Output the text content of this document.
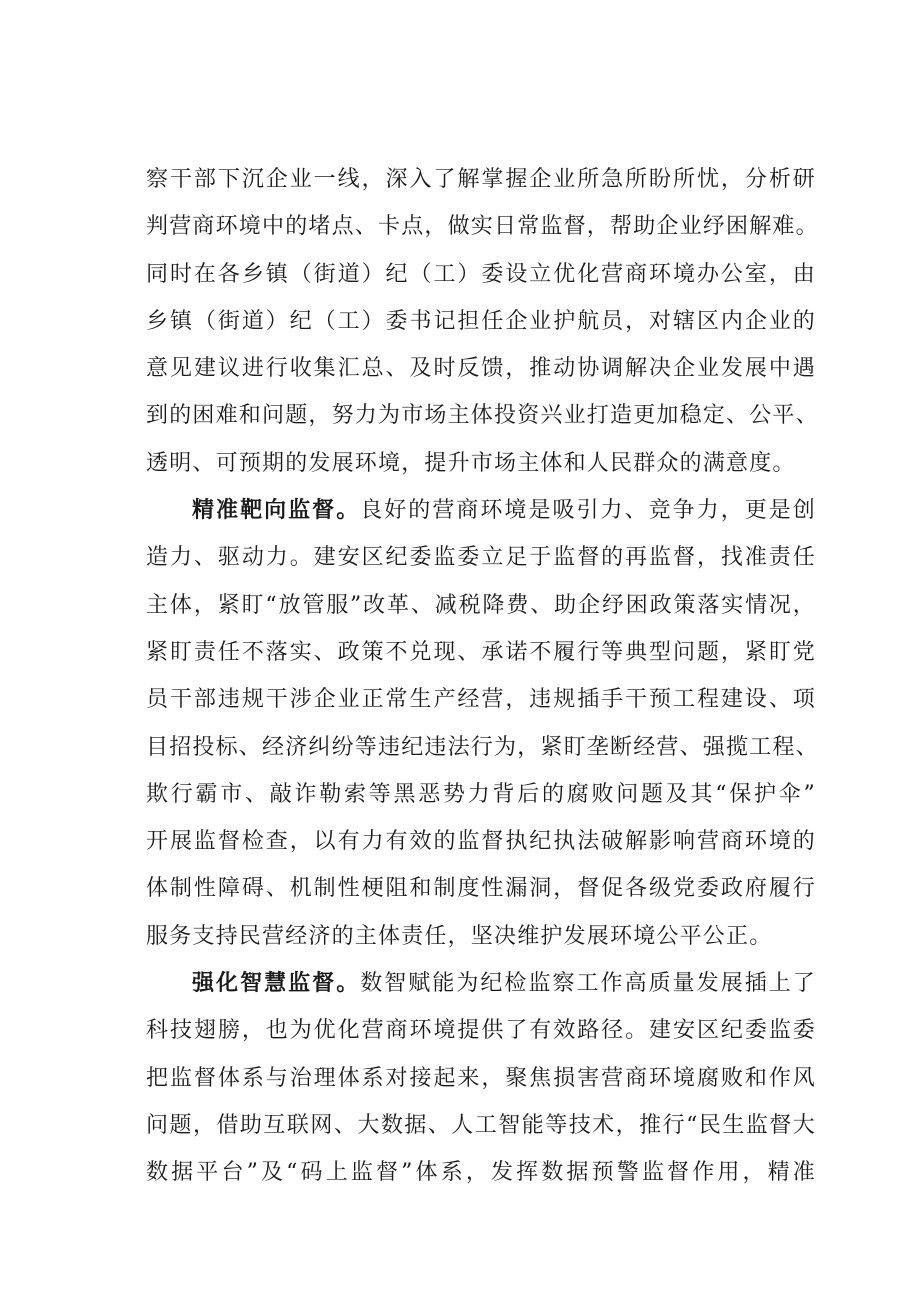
察干部下沉企业一线，深入了解掌握企业所急所盼所忧，分析研
判营商环境中的堵点、卡点，做实日常监督，帮助企业纾困解难。
同时在各乡镇（街道）纪（工）委设立优化营商环境办公室，由
乡镇（街道）纪（工）委书记担任企业护航员，对辖区内企业的
意见建议进行收集汇总、及时反馈，推动协调解决企业发展中遇
到的困难和问题，努力为市场主体投资兴业打造更加稳定、公平、
透明、可预期的发展环境，提升市场主体和人民群众的满意度。
精准靶向监督。良好的营商环境是吸引力、竞争力，更是创
造力、驱动力。建安区纪委监委立足于监督的再监督，找准责任
主体，紧盯“放管服”改革、减税降费、助企纾困政策落实情况，
紧盯责任不落实、政策不兑现、承诺不履行等典型问题，紧盯党
员干部违规干涉企业正常生产经营，违规插手干预工程建设、项
目招投标、经济纠纷等违纪违法行为，紧盯垄断经营、强揽工程、
欺行霸市、敲诈勒索等黑恶势力背后的腐败问题及其“保护伞”
开展监督检查，以有力有效的监督执纪执法破解影响营商环境的
体制性障碍、机制性梗阻和制度性漏洞，督促各级党委政府履行
服务支持民营经济的主体责任，坚决维护发展环境公平公正。
强化智慧监督。数智赋能为纪检监察工作高质量发展插上了
科技翅膀，也为优化营商环境提供了有效路径。建安区纪委监委
把监督体系与治理体系对接起来，聚焦损害营商环境腐败和作风
问题，借助互联网、大数据、人工智能等技术，推行“民生监督大
数据平台”及“码上监督”体系，发挥数据预警监督作用，精准
